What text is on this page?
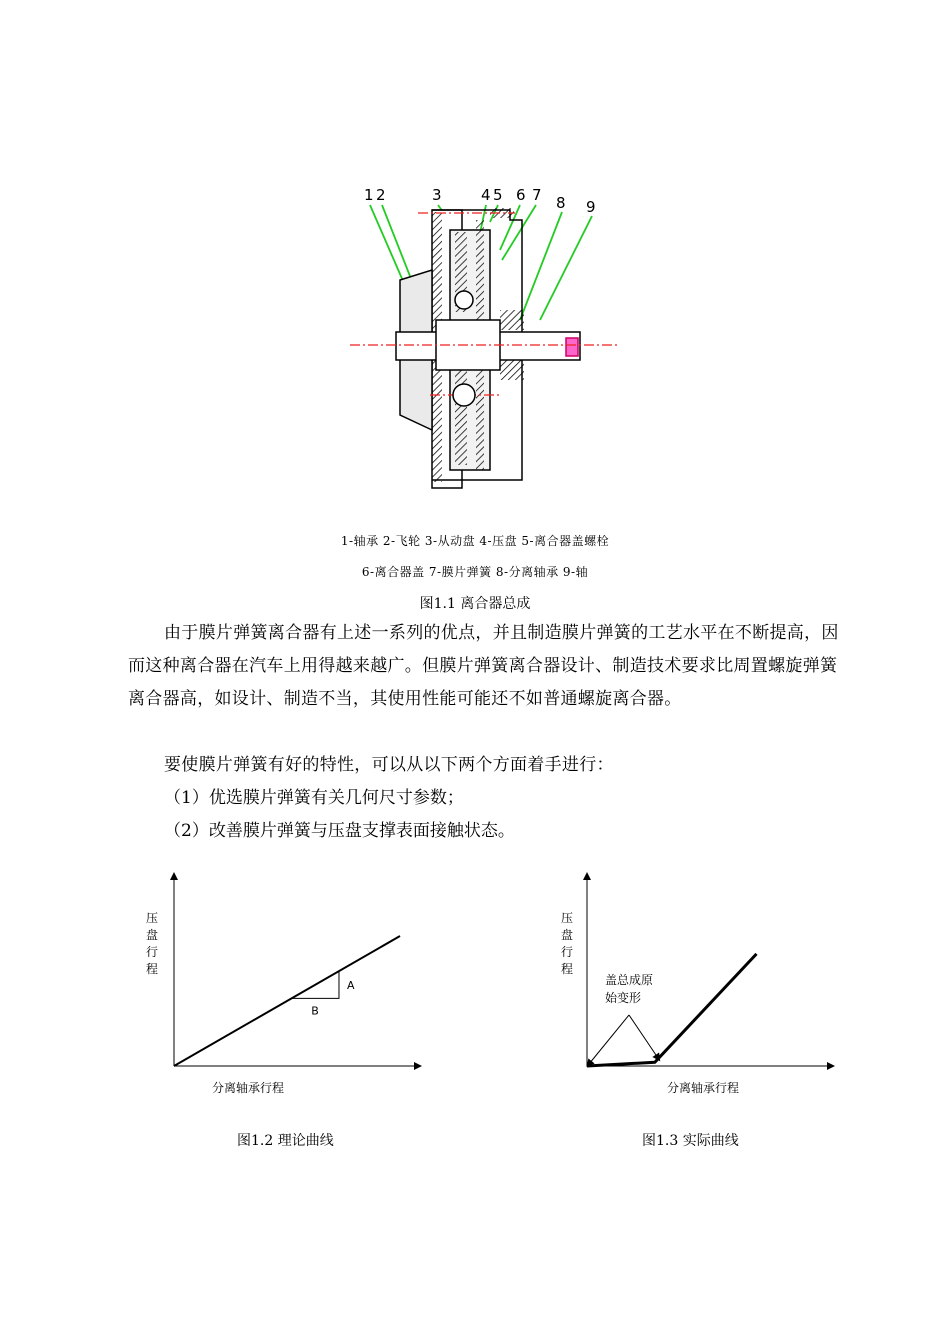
1 2	3	4 5 6 7 8 9
1-轴承 2-飞轮 3-从动盘 4-压盘 5-离合器盖螺栓
6-离合器盖 7-膜片弹簧 8-分离轴承 9-轴
图1.1 离合器总成
由于膜片弹簧离合器有上述一系列的优点，并且制造膜片弹簧的工艺水平在不断提高，因而这种离合器在汽车上用得越来越广。但膜片弹簧离合器设计、制造技术要求比周置螺旋弹簧离合器高，如设计、制造不当，其使用性能可能还不如普通螺旋离合器。
要使膜片弹簧有好的特性，可以从以下两个方面着手进行：
（1）优选膜片弹簧有关几何尺寸参数；
（2）改善膜片弹簧与压盘支撑表面接触状态。
压
盘
行
程
分离轴承行程
A
B
图1.2 理论曲线
压
盘
行
程
分离轴承行程
盖总成原
始变形
图1.3 实际曲线
